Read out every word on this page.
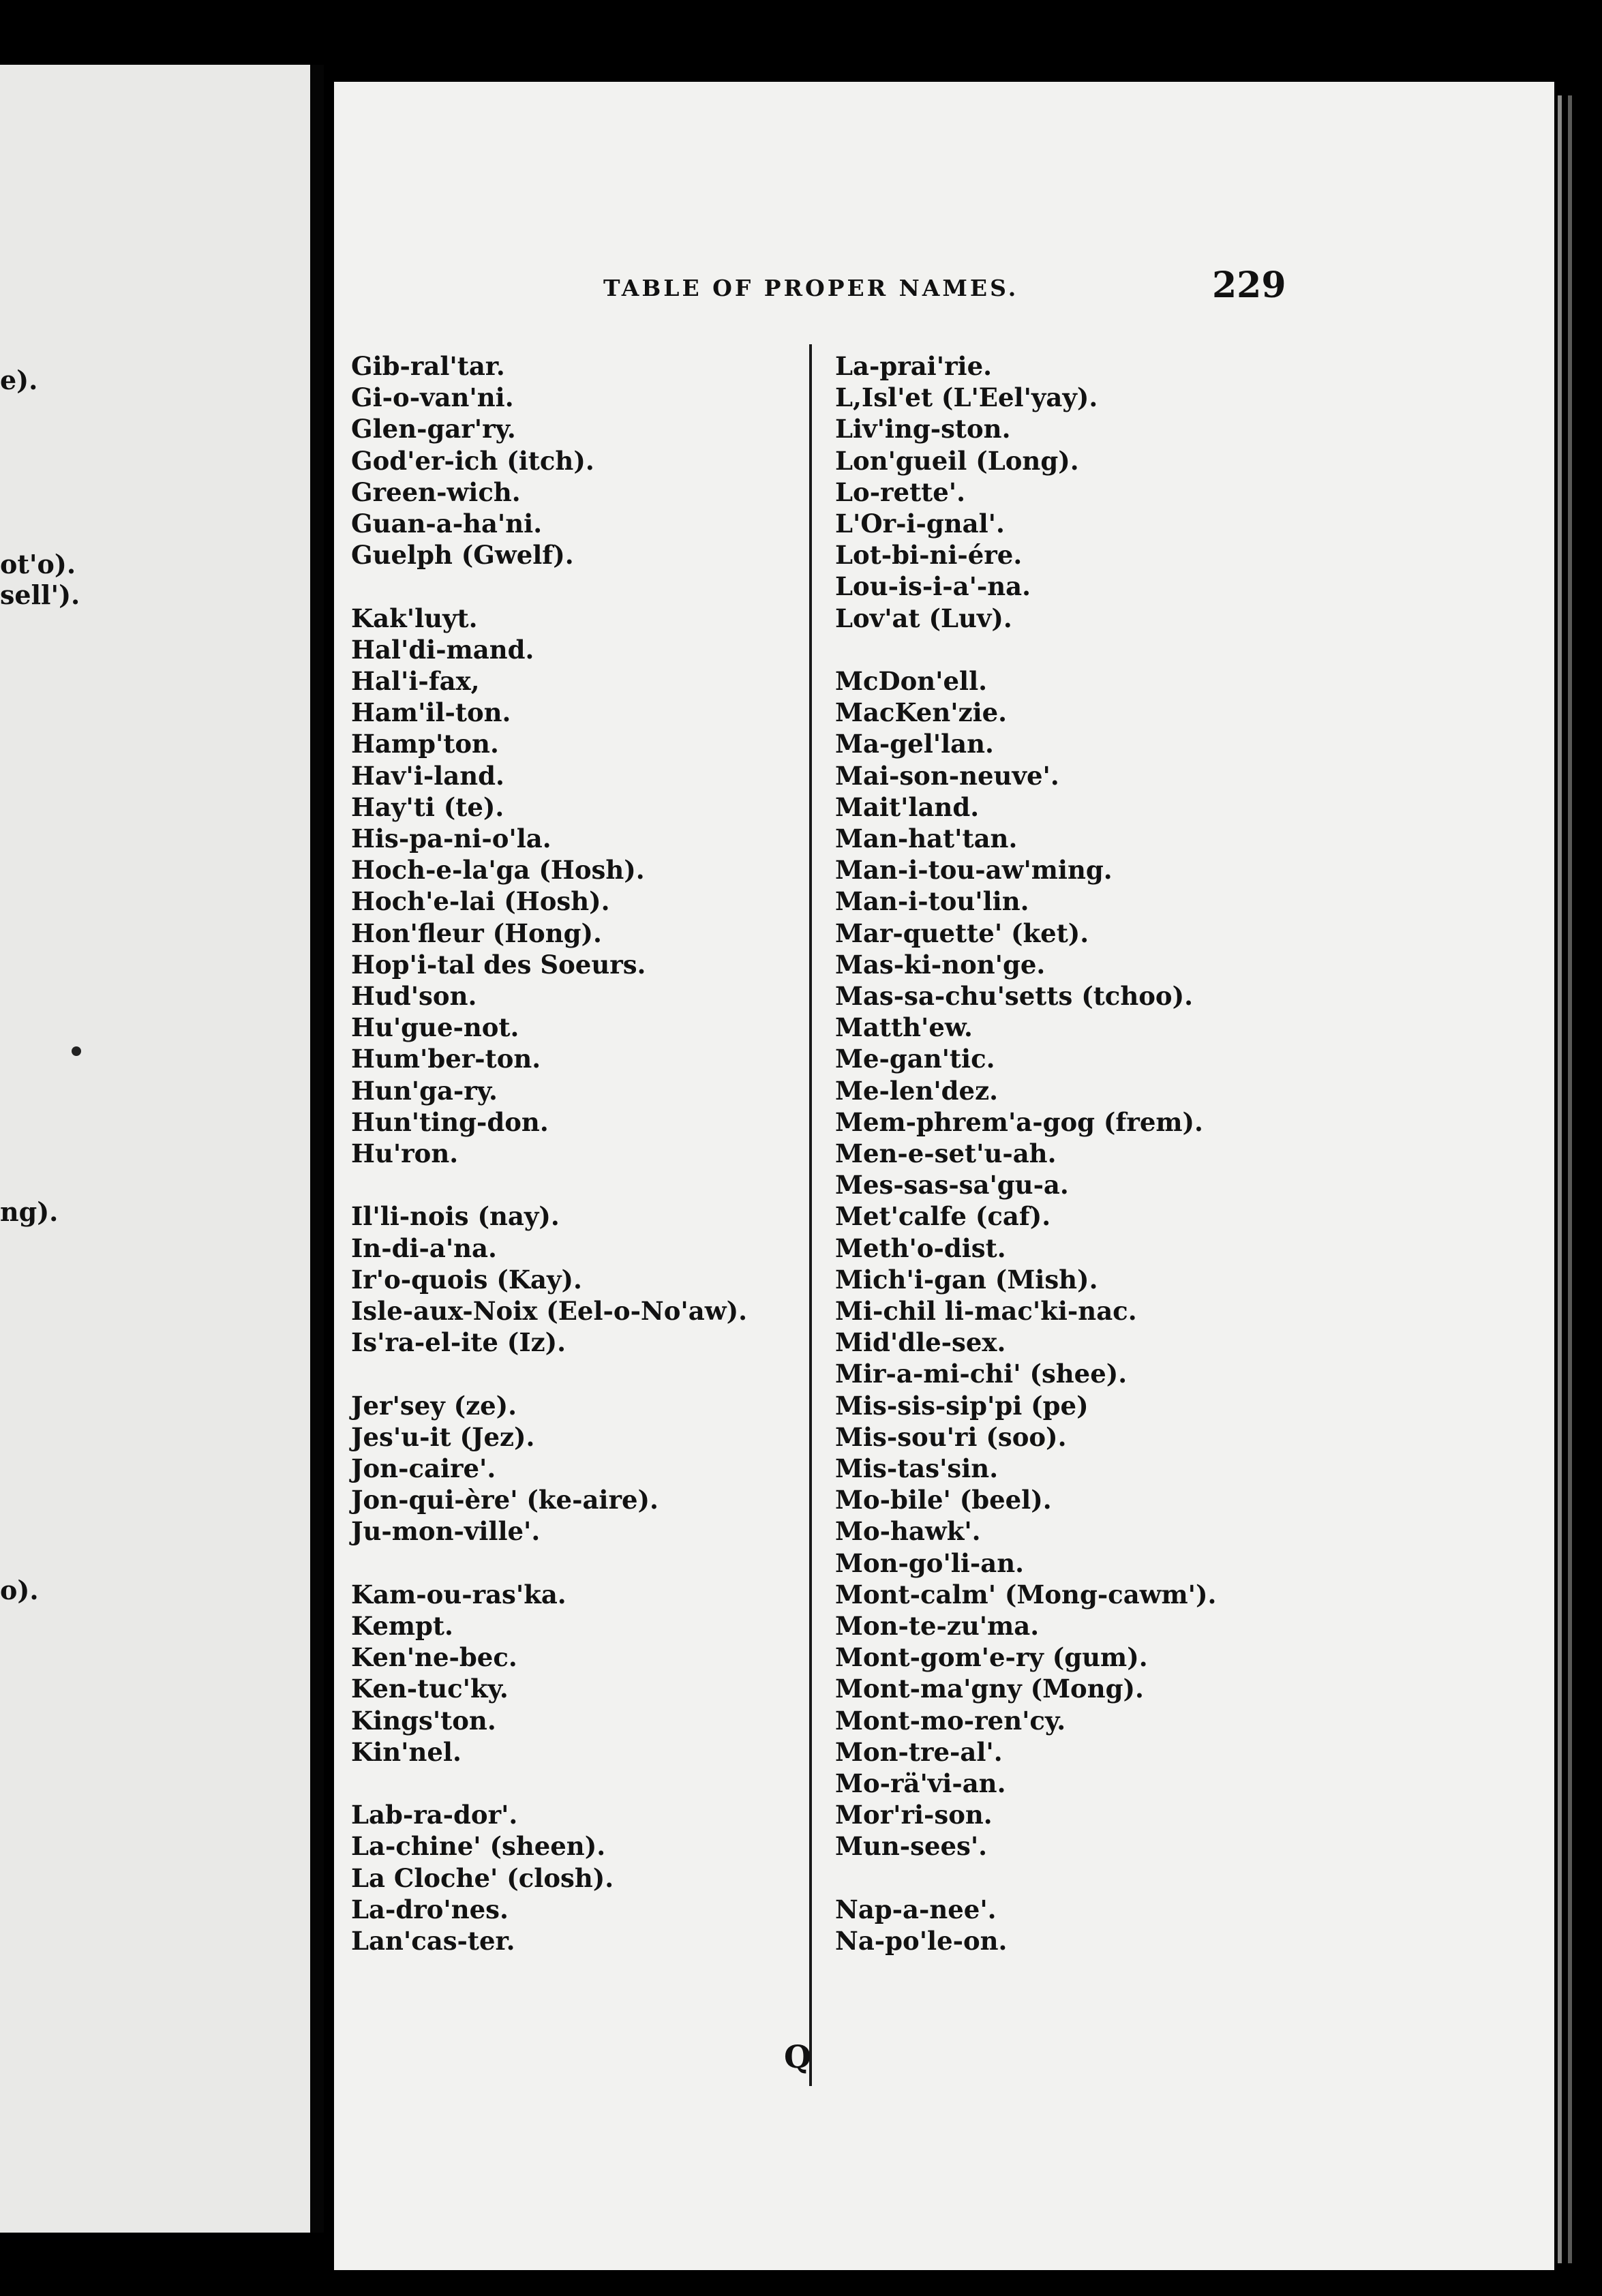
e).
ot'o).
sell').
ng).
o).
TABLE OF PROPER NAMES.	229
Gib-ral'tar.
Gi-o-van'ni.
Glen-gar'ry.
God'er-ich (itch).
Green-wich.
Guan-a-ha'ni.
Guelph (Gwelf).
Kak'luyt.
Hal'di-mand.
Hal'i-fax,
Ham'il-ton.
Hamp'ton.
Hav'i-land.
Hay'ti (te).
His-pa-ni-o'la.
Hoch-e-la'ga (Hosh).
Hoch'e-lai (Hosh).
Hon'fleur (Hong).
Hop'i-tal des Soeurs.
Hud'son.
Hu'gue-not.
Hum'ber-ton.
Hun'ga-ry.
Hun'ting-don.
Hu'ron.
Il'li-nois (nay).
In-di-a'na.
Ir'o-quois (Kay).
Isle-aux-Noix (Eel-o-No'aw).
Is'ra-el-ite (Iz).
Jer'sey (ze).
Jes'u-it (Jez).
Jon-caire'.
Jon-qui-ère' (ke-aire).
Ju-mon-ville'.
Kam-ou-ras'ka.
Kempt.
Ken'ne-bec.
Ken-tuc'ky.
Kings'ton.
Kin'nel.
Lab-ra-dor'.
La-chine' (sheen).
La Cloche' (closh).
La-dro'nes.
Lan'cas-ter.
La-prai'rie.
L,Isl'et (L'Eel'yay).
Liv'ing-ston.
Lon'gueil (Long).
Lo-rette'.
L'Or-i-gnal'.
Lot-bi-ni-ére.
Lou-is-i-a'-na.
Lov'at (Luv).
McDon'ell.
MacKen'zie.
Ma-gel'lan.
Mai-son-neuve'.
Mait'land.
Man-hat'tan.
Man-i-tou-aw'ming.
Man-i-tou'lin.
Mar-quette' (ket).
Mas-ki-non'ge.
Mas-sa-chu'setts (tchoo).
Matth'ew.
Me-gan'tic.
Me-len'dez.
Mem-phrem'a-gog (frem).
Men-e-set'u-ah.
Mes-sas-sa'gu-a.
Met'calfe (caf).
Meth'o-dist.
Mich'i-gan (Mish).
Mi-chil li-mac'ki-nac.
Mid'dle-sex.
Mir-a-mi-chi' (shee).
Mis-sis-sip'pi (pe)
Mis-sou'ri (soo).
Mis-tas'sin.
Mo-bile' (beel).
Mo-hawk'.
Mon-go'li-an.
Mont-calm' (Mong-cawm').
Mon-te-zu'ma.
Mont-gom'e-ry (gum).
Mont-ma'gny (Mong).
Mont-mo-ren'cy.
Mon-tre-al'.
Mo-rä'vi-an.
Mor'ri-son.
Mun-sees'.
Nap-a-nee'.
Na-po'le-on.
Q
